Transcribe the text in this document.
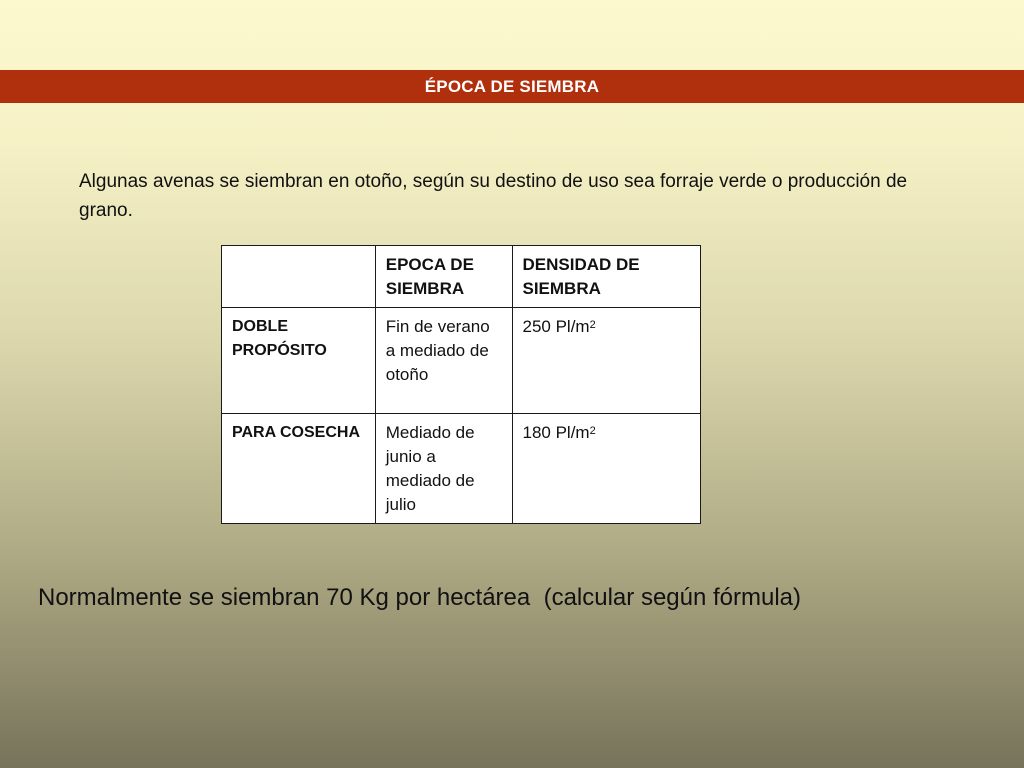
ÉPOCA DE SIEMBRA

Algunas avenas se siembran en otoño, según su destino de uso sea forraje verde o producción de grano.

	EPOCA DE SIEMBRA	DENSIDAD DE SIEMBRA
DOBLE PROPÓSITO	Fin de verano a mediado de otoño	250 $Pl/m^2$
PARA COSECHA	Mediado de junio a mediado de julio	180 $Pl/m^2$

Normalmente se siembran 70 Kg por hectárea  (calcular según fórmula)
